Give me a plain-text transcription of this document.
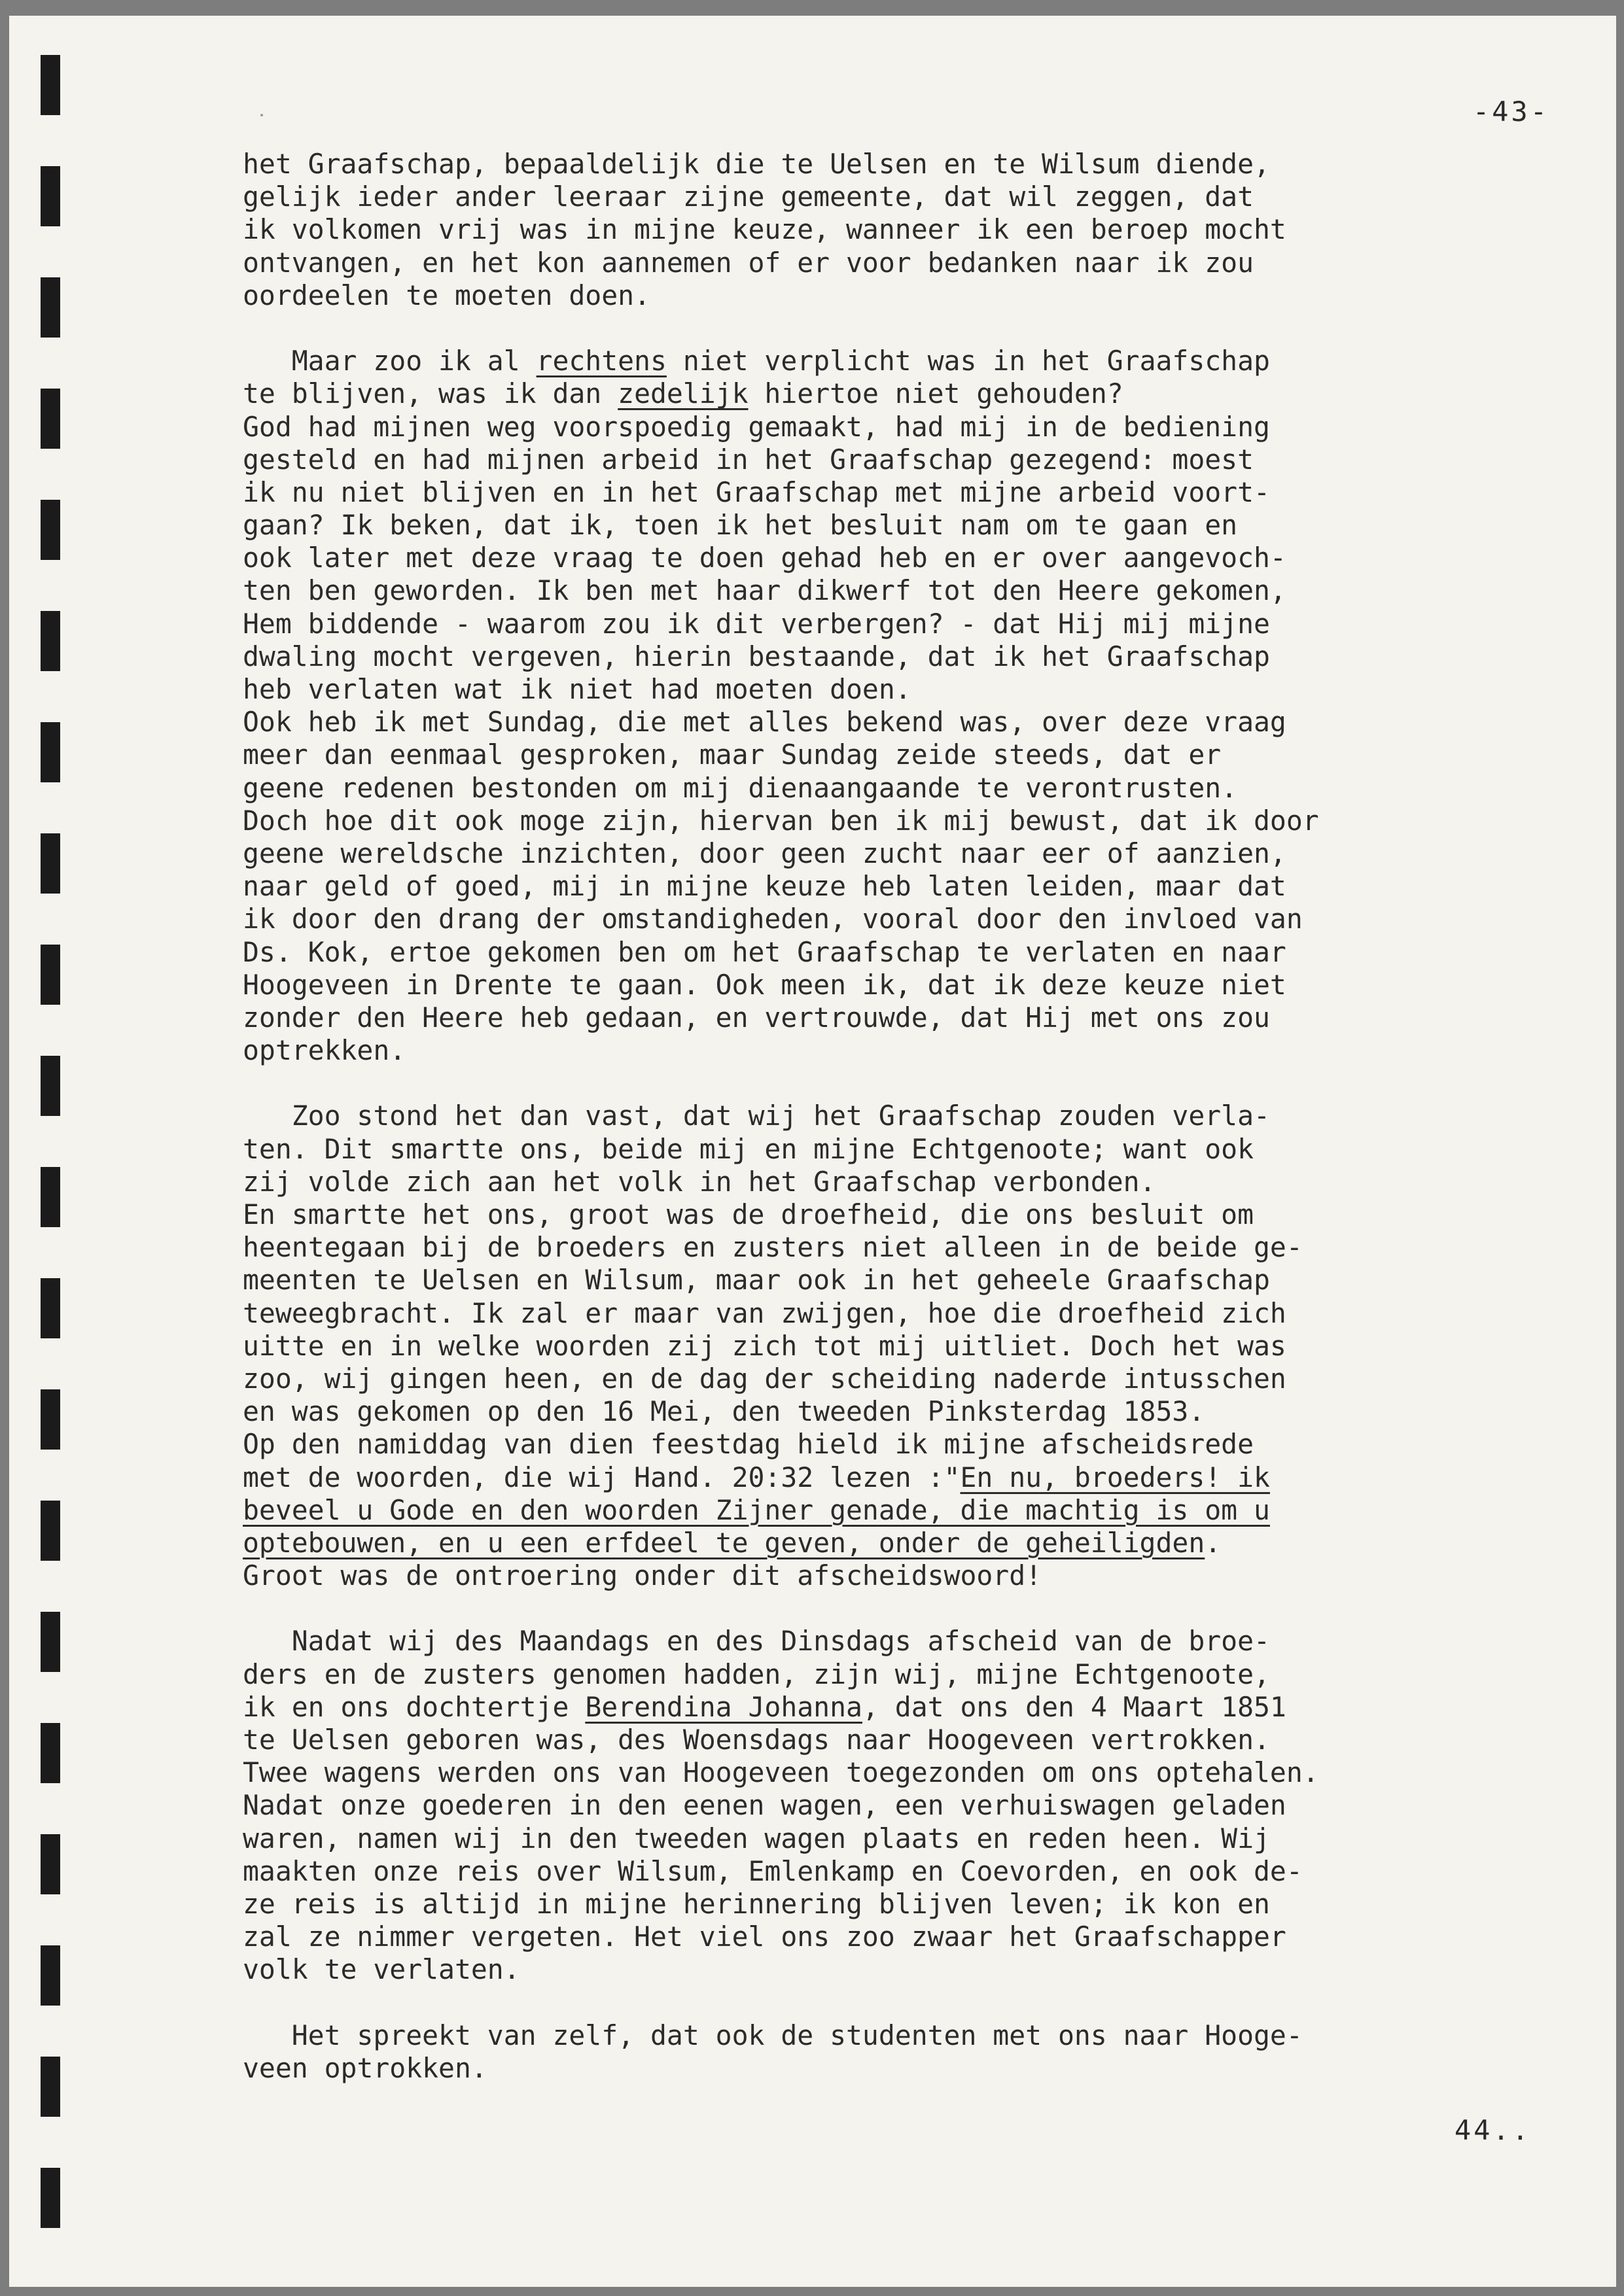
-43-
het Graafschap, bepaaldelijk die te Uelsen en te Wilsum diende,
gelijk ieder ander leeraar zijne gemeente, dat wil zeggen, dat
ik volkomen vrij was in mijne keuze, wanneer ik een beroep mocht
ontvangen, en het kon aannemen of er voor bedanken naar ik zou
oordeelen te moeten doen.
Maar zoo ik al rechtens niet verplicht was in het Graafschap
te blijven, was ik dan zedelijk hiertoe niet gehouden?
God had mijnen weg voorspoedig gemaakt, had mij in de bediening
gesteld en had mijnen arbeid in het Graafschap gezegend: moest
ik nu niet blijven en in het Graafschap met mijne arbeid voort-
gaan? Ik beken, dat ik, toen ik het besluit nam om te gaan en
ook later met deze vraag te doen gehad heb en er over aangevoch-
ten ben geworden. Ik ben met haar dikwerf tot den Heere gekomen,
Hem biddende - waarom zou ik dit verbergen? - dat Hij mij mijne
dwaling mocht vergeven, hierin bestaande, dat ik het Graafschap
heb verlaten wat ik niet had moeten doen.
Ook heb ik met Sundag, die met alles bekend was, over deze vraag
meer dan eenmaal gesproken, maar Sundag zeide steeds, dat er
geene redenen bestonden om mij dienaangaande te verontrusten.
Doch hoe dit ook moge zijn, hiervan ben ik mij bewust, dat ik door
geene wereldsche inzichten, door geen zucht naar eer of aanzien,
naar geld of goed, mij in mijne keuze heb laten leiden, maar dat
ik door den drang der omstandigheden, vooral door den invloed van
Ds. Kok, ertoe gekomen ben om het Graafschap te verlaten en naar
Hoogeveen in Drente te gaan. Ook meen ik, dat ik deze keuze niet
zonder den Heere heb gedaan, en vertrouwde, dat Hij met ons zou
optrekken.
Zoo stond het dan vast, dat wij het Graafschap zouden verla-
ten. Dit smartte ons, beide mij en mijne Echtgenoote; want ook
zij volde zich aan het volk in het Graafschap verbonden.
En smartte het ons, groot was de droefheid, die ons besluit om
heentegaan bij de broeders en zusters niet alleen in de beide ge-
meenten te Uelsen en Wilsum, maar ook in het geheele Graafschap
teweegbracht. Ik zal er maar van zwijgen, hoe die droefheid zich
uitte en in welke woorden zij zich tot mij uitliet. Doch het was
zoo, wij gingen heen, en de dag der scheiding naderde intusschen
en was gekomen op den 16 Mei, den tweeden Pinksterdag 1853.
Op den namiddag van dien feestdag hield ik mijne afscheidsrede
met de woorden, die wij Hand. 20:32 lezen :"En nu, broeders! ik
beveel u Gode en den woorden Zijner genade, die machtig is om u
optebouwen, en u een erfdeel te geven, onder de geheiligden.
Groot was de ontroering onder dit afscheidswoord!
Nadat wij des Maandags en des Dinsdags afscheid van de broe-
ders en de zusters genomen hadden, zijn wij, mijne Echtgenoote,
ik en ons dochtertje Berendina Johanna, dat ons den 4 Maart 1851
te Uelsen geboren was, des Woensdags naar Hoogeveen vertrokken.
Twee wagens werden ons van Hoogeveen toegezonden om ons optehalen.
Nadat onze goederen in den eenen wagen, een verhuiswagen geladen
waren, namen wij in den tweeden wagen plaats en reden heen. Wij
maakten onze reis over Wilsum, Emlenkamp en Coevorden, en ook de-
ze reis is altijd in mijne herinnering blijven leven; ik kon en
zal ze nimmer vergeten. Het viel ons zoo zwaar het Graafschapper
volk te verlaten.
Het spreekt van zelf, dat ook de studenten met ons naar Hooge-
veen optrokken.
44..
